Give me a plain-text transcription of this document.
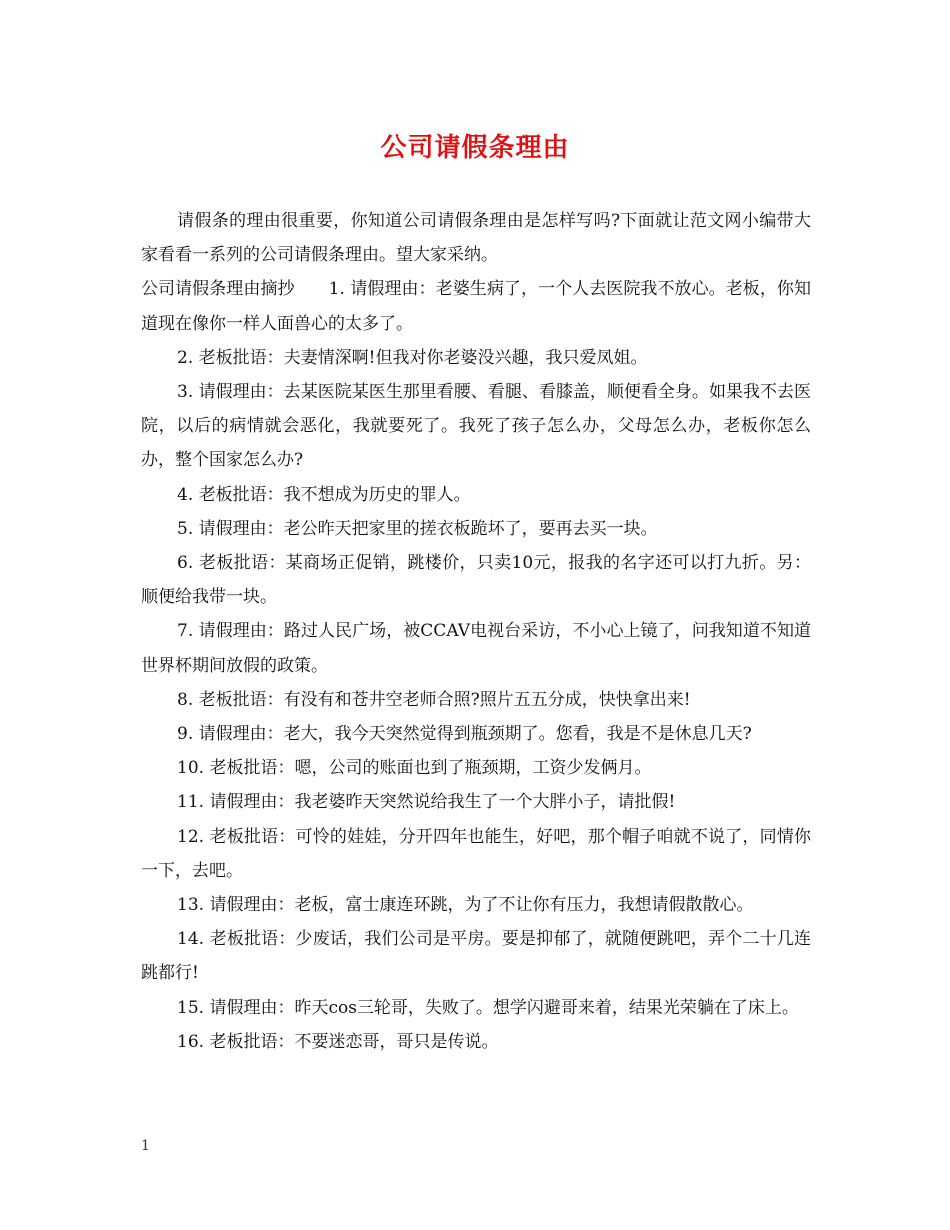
公司请假条理由

请假条的理由很重要，你知道公司请假条理由是怎样写吗?下面就让范文网小编带大家看看一系列的公司请假条理由。望大家采纳。

公司请假条理由摘抄　　1. 请假理由：老婆生病了，一个人去医院我不放心。老板，你知道现在像你一样人面兽心的太多了。

2. 老板批语：夫妻情深啊!但我对你老婆没兴趣，我只爱凤姐。

3. 请假理由：去某医院某医生那里看腰、看腿、看膝盖，顺便看全身。如果我不去医院，以后的病情就会恶化，我就要死了。我死了孩子怎么办，父母怎么办，老板你怎么办，整个国家怎么办?

4. 老板批语：我不想成为历史的罪人。

5. 请假理由：老公昨天把家里的搓衣板跪坏了，要再去买一块。

6. 老板批语：某商场正促销，跳楼价，只卖10元，报我的名字还可以打九折。另：顺便给我带一块。

7. 请假理由：路过人民广场，被CCAV电视台采访，不小心上镜了，问我知道不知道世界杯期间放假的政策。

8. 老板批语：有没有和苍井空老师合照?照片五五分成，快快拿出来!

9. 请假理由：老大，我今天突然觉得到瓶颈期了。您看，我是不是休息几天?

10. 老板批语：嗯，公司的账面也到了瓶颈期，工资少发俩月。

11. 请假理由：我老婆昨天突然说给我生了一个大胖小子，请批假!

12. 老板批语：可怜的娃娃，分开四年也能生，好吧，那个帽子咱就不说了，同情你一下，去吧。

13. 请假理由：老板，富士康连环跳，为了不让你有压力，我想请假散散心。

14. 老板批语：少废话，我们公司是平房。要是抑郁了，就随便跳吧，弄个二十几连跳都行!

15. 请假理由：昨天cos三轮哥，失败了。想学闪避哥来着，结果光荣躺在了床上。

16. 老板批语：不要迷恋哥，哥只是传说。

1
